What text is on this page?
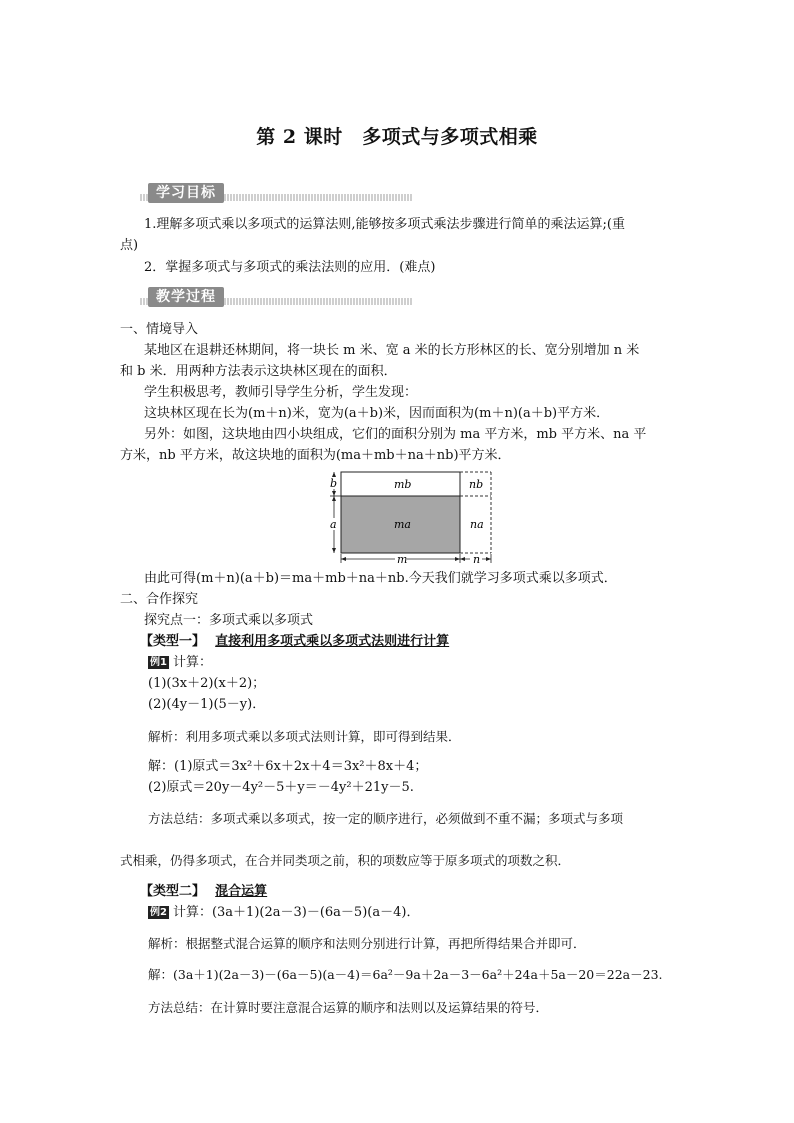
第 2 课时　多项式与多项式相乘
学习目标
1.理解多项式乘以多项式的运算法则,能够按多项式乘法步骤进行简单的乘法运算;(重
点)
2．掌握多项式与多项式的乘法法则的应用．(难点)
教学过程
一、情境导入
某地区在退耕还林期间，将一块长 m 米、宽 a 米的长方形林区的长、宽分别增加 n 米
和 b 米．用两种方法表示这块林区现在的面积．
学生积极思考，教师引导学生分析，学生发现：
这块林区现在长为(m＋n)米，宽为(a＋b)米，因而面积为(m＋n)(a＋b)平方米．
另外：如图，这块地由四小块组成，它们的面积分别为 ma 平方米，mb 平方米、na 平
方米，nb 平方米，故这块地的面积为(ma＋mb＋na＋nb)平方米．
mb
ma
nb
na
b
a
m	n
由此可得(m＋n)(a＋b)＝ma＋mb＋na＋nb.今天我们就学习多项式乘以多项式．
二、合作探究
探究点一：多项式乘以多项式
【类型一】 直接利用多项式乘以多项式法则进行计算
例1 计算：
(1)(3x＋2)(x＋2)；
(2)(4y－1)(5－y)．
解析：利用多项式乘以多项式法则计算，即可得到结果．
解：(1)原式＝3x²＋6x＋2x＋4＝3x²＋8x＋4；
(2)原式＝20y－4y²－5＋y＝－4y²＋21y－5.
方法总结：多项式乘以多项式，按一定的顺序进行，必须做到不重不漏；多项式与多项
式相乘，仍得多项式，在合并同类项之前，积的项数应等于原多项式的项数之积．
【类型二】 混合运算
例2 计算：(3a＋1)(2a－3)－(6a－5)(a－4)．
解析：根据整式混合运算的顺序和法则分别进行计算，再把所得结果合并即可．
解：(3a＋1)(2a－3)－(6a－5)(a－4)＝6a²－9a＋2a－3－6a²＋24a＋5a－20＝22a－23.
方法总结：在计算时要注意混合运算的顺序和法则以及运算结果的符号．
